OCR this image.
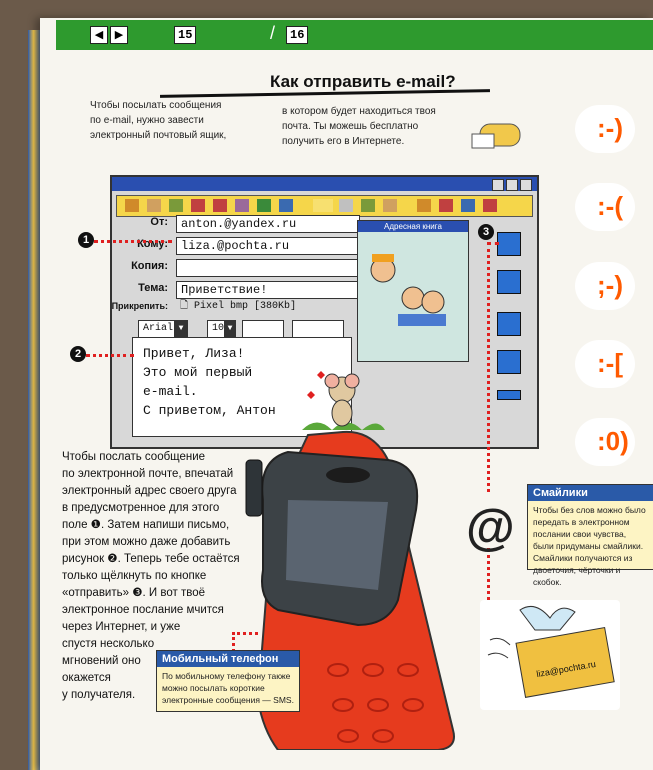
◀	▶	15	/	16
Как отправить e-mail?
Чтобы посылать сообщения
по e-mail, нужно завести
электронный почтовый ящик,
в котором будет находиться твоя
почта. Ты можешь бесплатно
получить его в Интернете.	:-)
:-(
;-)
:-[
:0)
От:	anton.@yandex.ru
Кому:	liza.@pochta.ru
Копия:
Тема:	Приветствие!
Прикрепить:	🗋 Pixel bmp [380Kb]
Arial ▼	10 ▼
Адресная книга
Привет, Лиза!
Это мой первый
e-mail.
С приветом, Антон
1
2
3
Чтобы послать сообщение
по электронной почте, впечатай
электронный адрес своего друга
в предусмотренное для этого
поле ❶. Затем напиши письмо,
при этом можно даже добавить
рисунок ❷. Теперь тебе остаётся
только щёлкнуть по кнопке
«отправить» ❸. И вот твоё
электронное послание мчится
через Интернет, и уже
спустя несколько
мгновений оно
окажется
у получателя.
@
Смайлики
Чтобы без слов можно было передать в электронном послании свои чувства, были придуманы смайлики. Смайлики получаются из двоеточия, чёрточки и скобок.
Мобильный телефон
По мобильному телефону также можно посылать короткие электронные сообщения — SMS.
liza@pochta.ru
